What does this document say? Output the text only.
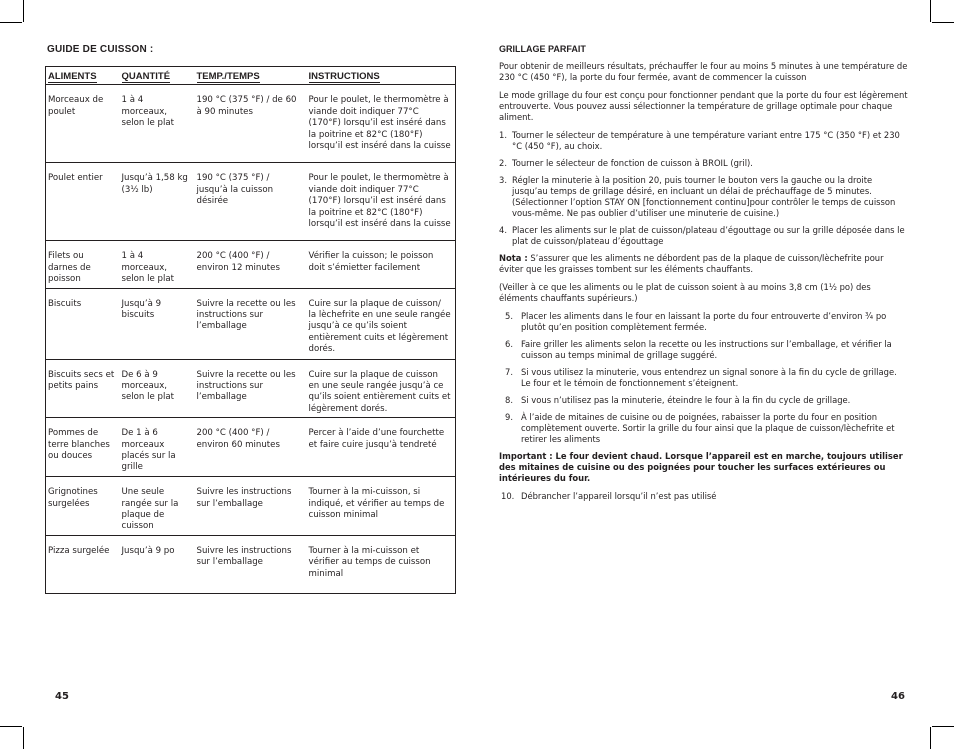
GUIDE DE CUISSON :
ALIMENTS	QUANTITÉ	TEMP./TEMPS	INSTRUCTIONS
Morceaux de poulet	1 à 4 morceaux, selon le plat	190 °C (375 °F) / de 60 à 90 minutes	Pour le poulet, le thermomètre à viande doit indiquer 77°C (170°F) lorsqu’il est inséré dans la poitrine et 82°C (180°F) lorsqu’il est inséré dans la cuisse
Poulet entier	Jusqu’à 1,58 kg (3½ lb)	190 °C (375 °F) / jusqu’à la cuisson désirée	Pour le poulet, le thermomètre à viande doit indiquer 77°C (170°F) lorsqu’il est inséré dans la poitrine et 82°C (180°F) lorsqu’il est inséré dans la cuisse
Filets ou darnes de poisson	1 à 4 morceaux, selon le plat	200 °C (400 °F) / environ 12 minutes	Vérifier la cuisson; le poisson doit s’émietter facilement
Biscuits	Jusqu’à 9 biscuits	Suivre la recette ou les instructions sur l’emballage	Cuire sur la plaque de cuisson/ la lèchefrite en une seule rangée jusqu’à ce qu’ils soient entièrement cuits et légèrement dorés.
Biscuits secs et petits pains	De 6 à 9 morceaux, selon le plat	Suivre la recette ou les instructions sur l’emballage	Cuire sur la plaque de cuisson en une seule rangée jusqu’à ce qu’ils soient entièrement cuits et légèrement dorés.
Pommes de terre blanches ou douces	De 1 à 6 morceaux placés sur la grille	200 °C (400 °F) / environ 60 minutes	Percer à l’aide d’une fourchette et faire cuire jusqu’à tendreté
Grignotines surgelées	Une seule rangée sur la plaque de cuisson	Suivre les instructions sur l’emballage	Tourner à la mi-cuisson, si indiqué, et vérifier au temps de cuisson minimal
Pizza surgelée	Jusqu’à 9 po	Suivre les instructions sur l’emballage	Tourner à la mi-cuisson et vérifier au temps de cuisson minimal
45
GRILLAGE PARFAIT

Pour obtenir de meilleurs résultats, préchauffer le four au moins 5 minutes à une température de 230 °C (450 °F), la porte du four fermée, avant de commencer la cuisson

Le mode grillage du four est conçu pour fonctionner pendant que la porte du four est légèrement entrouverte. Vous pouvez aussi sélectionner la température de grillage optimale pour chaque aliment.

1. Tourner le sélecteur de température à une température variant entre 175 °C (350 °F) et 230 °C (450 °F), au choix.
2. Tourner le sélecteur de fonction de cuisson à BROIL (gril).
3. Régler la minuterie à la position 20, puis tourner le bouton vers la gauche ou la droite jusqu’au temps de grillage désiré, en incluant un délai de préchauffage de 5 minutes. (Sélectionner l’option STAY ON [fonctionnement continu]pour contrôler le temps de cuisson vous-même. Ne pas oublier d’utiliser une minuterie de cuisine.)
4. Placer les aliments sur le plat de cuisson/plateau d’égouttage ou sur la grille déposée dans le plat de cuisson/plateau d’égouttage

Nota : S’assurer que les aliments ne débordent pas de la plaque de cuisson/lèchefrite pour éviter que les graisses tombent sur les éléments chauffants.

(Veiller à ce que les aliments ou le plat de cuisson soient à au moins 3,8 cm (1½ po) des éléments chauffants supérieurs.)

5. Placer les aliments dans le four en laissant la porte du four entrouverte d’environ ¾ po plutôt qu’en position complètement fermée.
6. Faire griller les aliments selon la recette ou les instructions sur l’emballage, et vérifier la cuisson au temps minimal de grillage suggéré.
7. Si vous utilisez la minuterie, vous entendrez un signal sonore à la fin du cycle de grillage. Le four et le témoin de fonctionnement s’éteignent.
8. Si vous n’utilisez pas la minuterie, éteindre le four à la fin du cycle de grillage.
9. À l’aide de mitaines de cuisine ou de poignées, rabaisser la porte du four en position complètement ouverte. Sortir la grille du four ainsi que la plaque de cuisson/lèchefrite et retirer les aliments

Important : Le four devient chaud. Lorsque l’appareil est en marche, toujours utiliser des mitaines de cuisine ou des poignées pour toucher les surfaces extérieures ou intérieures du four.

10. Débrancher l’appareil lorsqu’il n’est pas utilisé
46
